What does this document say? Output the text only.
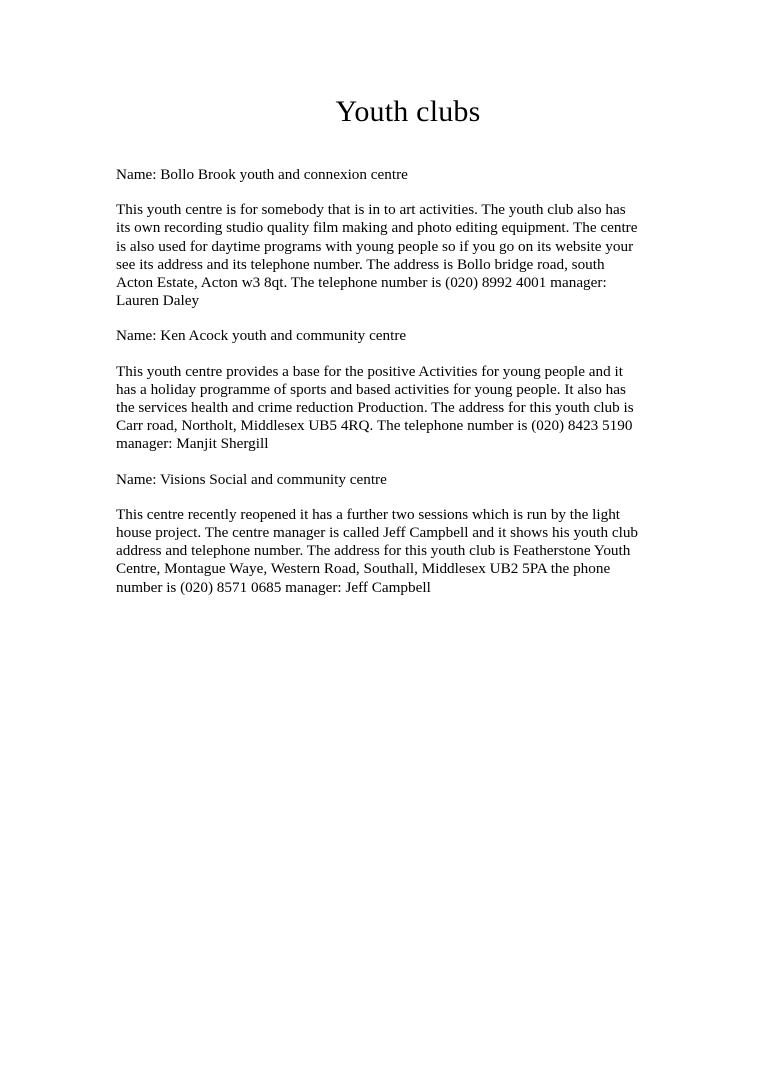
Youth clubs
Name: Bollo Brook youth and connexion centre
This youth centre is for somebody that is in to art activities. The youth club also has
its own recording studio quality film making and photo editing equipment. The centre
is also used for daytime programs with young people so if you go on its website your
see its address and its telephone number. The address is Bollo bridge road, south
Acton Estate, Acton w3 8qt. The telephone number is (020) 8992 4001 manager:
Lauren Daley
Name: Ken Acock youth and community centre
This youth centre provides a base for the positive Activities for young people and it
has a holiday programme of sports and based activities for young people. It also has
the services health and crime reduction Production. The address for this youth club is
Carr road, Northolt, Middlesex UB5 4RQ. The telephone number is (020) 8423 5190
manager: Manjit Shergill
Name: Visions Social and community centre
This centre recently reopened it has a further two sessions which is run by the light
house project. The centre manager is called Jeff Campbell and it shows his youth club
address and telephone number. The address for this youth club is Featherstone Youth
Centre, Montague Waye, Western Road, Southall, Middlesex UB2 5PA the phone
number is (020) 8571 0685 manager: Jeff Campbell
